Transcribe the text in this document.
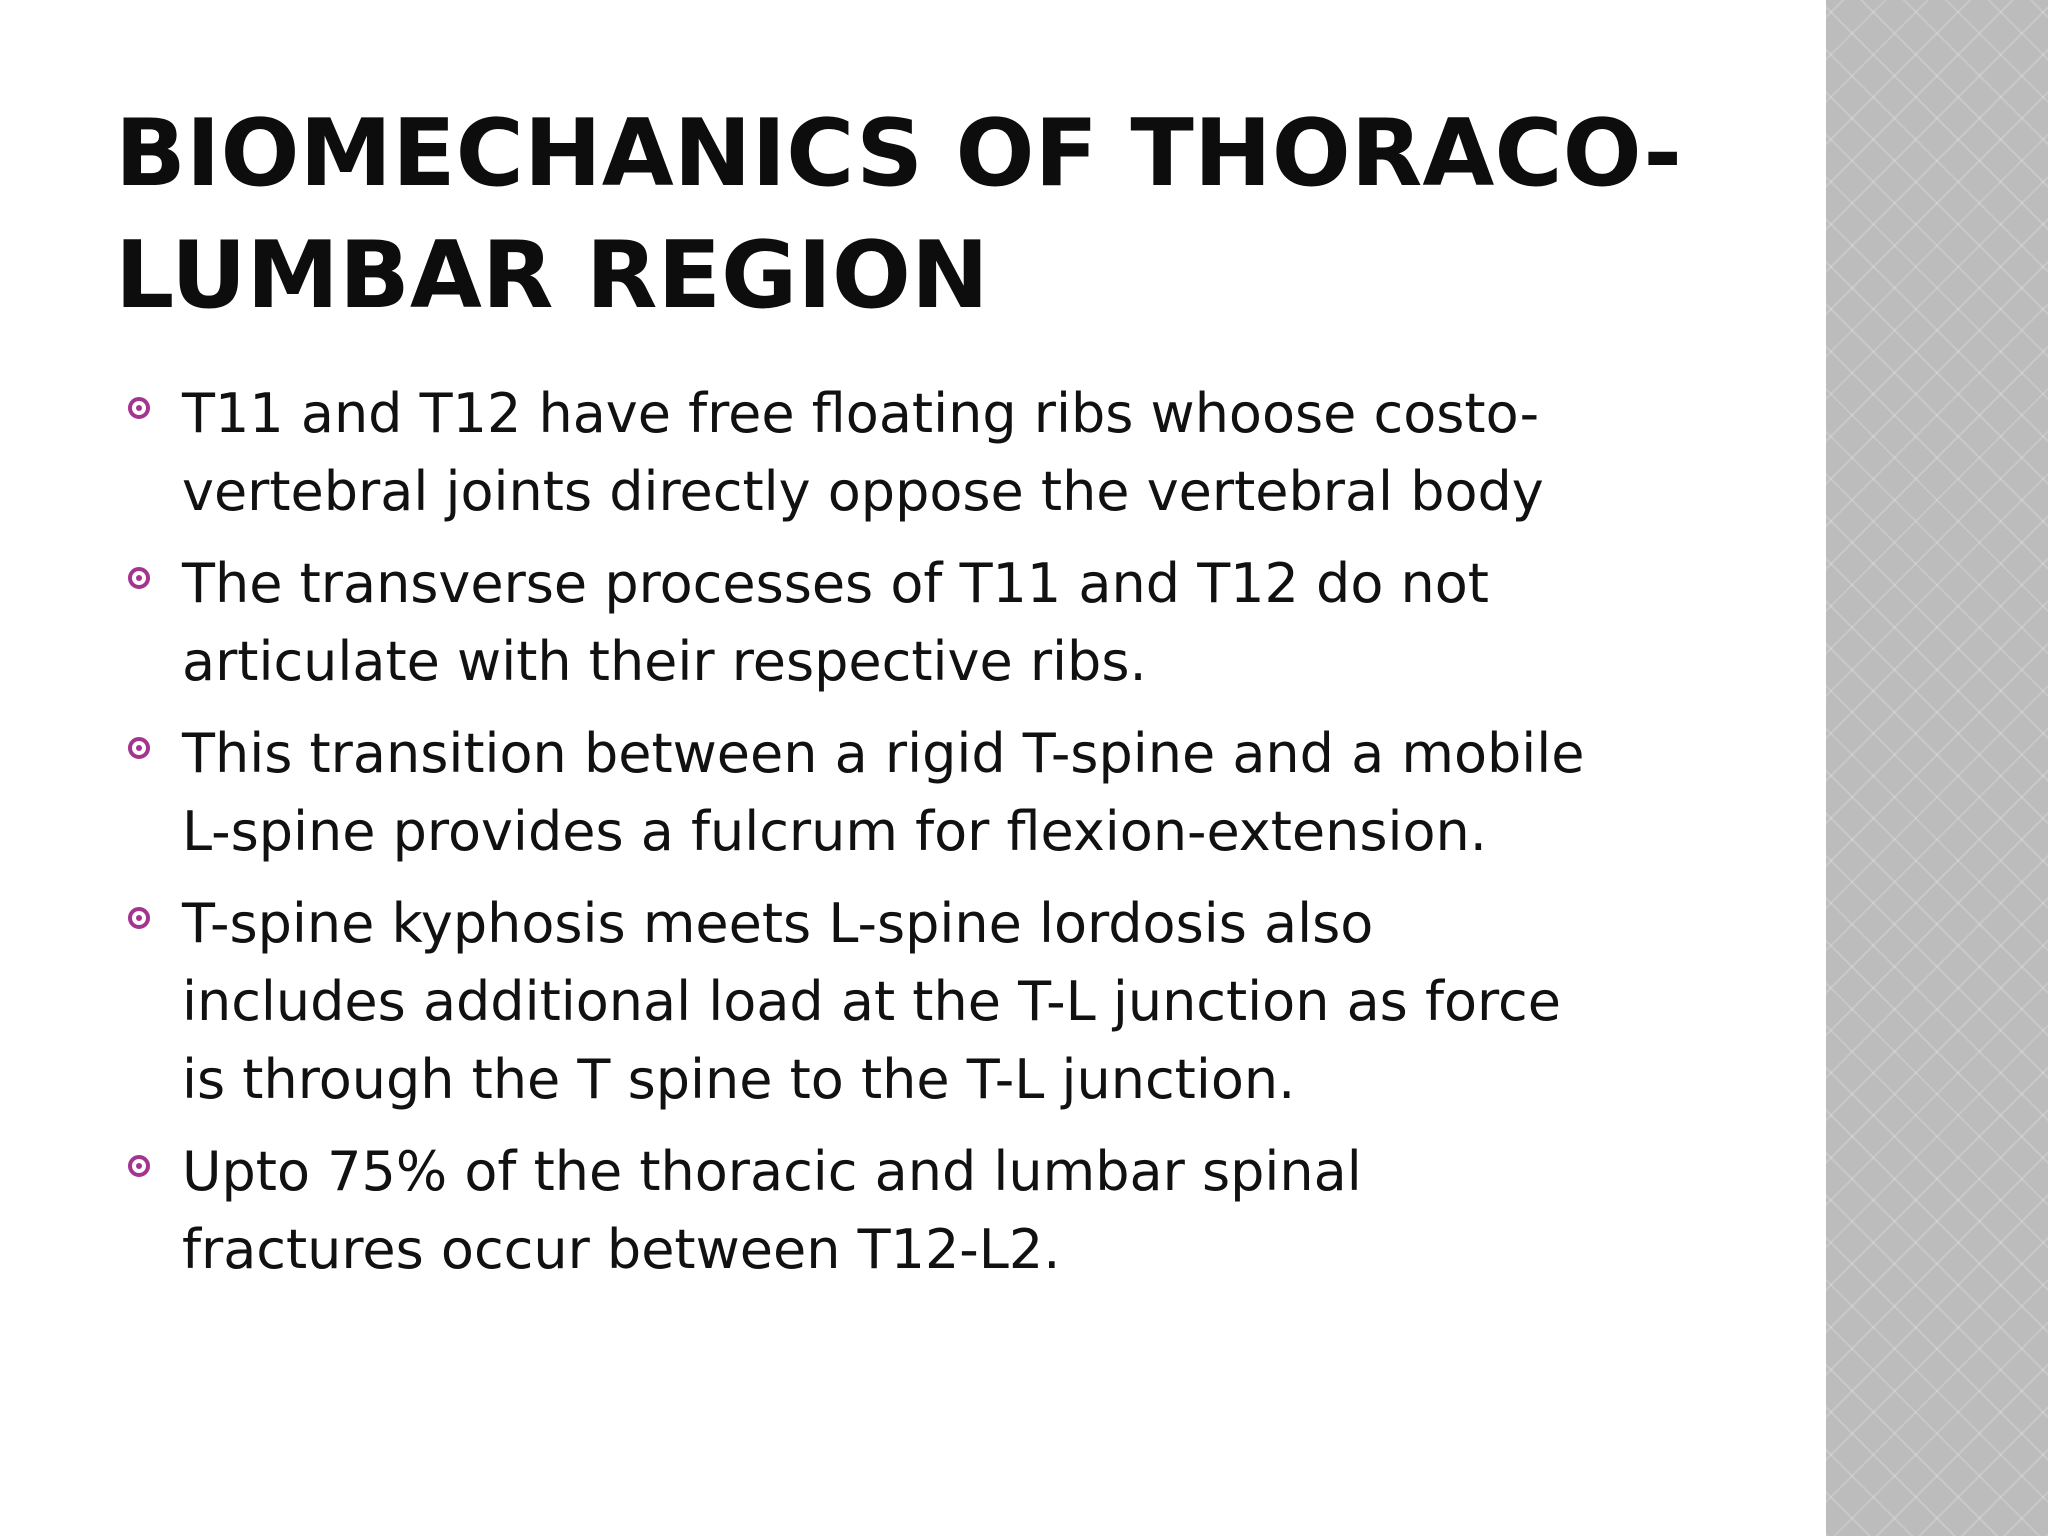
BIOMECHANICS OF THORACO-
LUMBAR REGION
T11 and T12 have free floating ribs whoose costo-
vertebral joints directly oppose the vertebral body
The transverse processes of T11 and T12 do not
articulate with their respective ribs.
This transition between a rigid T-spine and a mobile
L-spine provides a fulcrum for flexion-extension.
T-spine kyphosis meets L-spine lordosis also
includes additional load at the T-L junction as force
is through the T spine to the T-L junction.
Upto 75% of the thoracic and lumbar spinal
fractures occur between T12-L2.
